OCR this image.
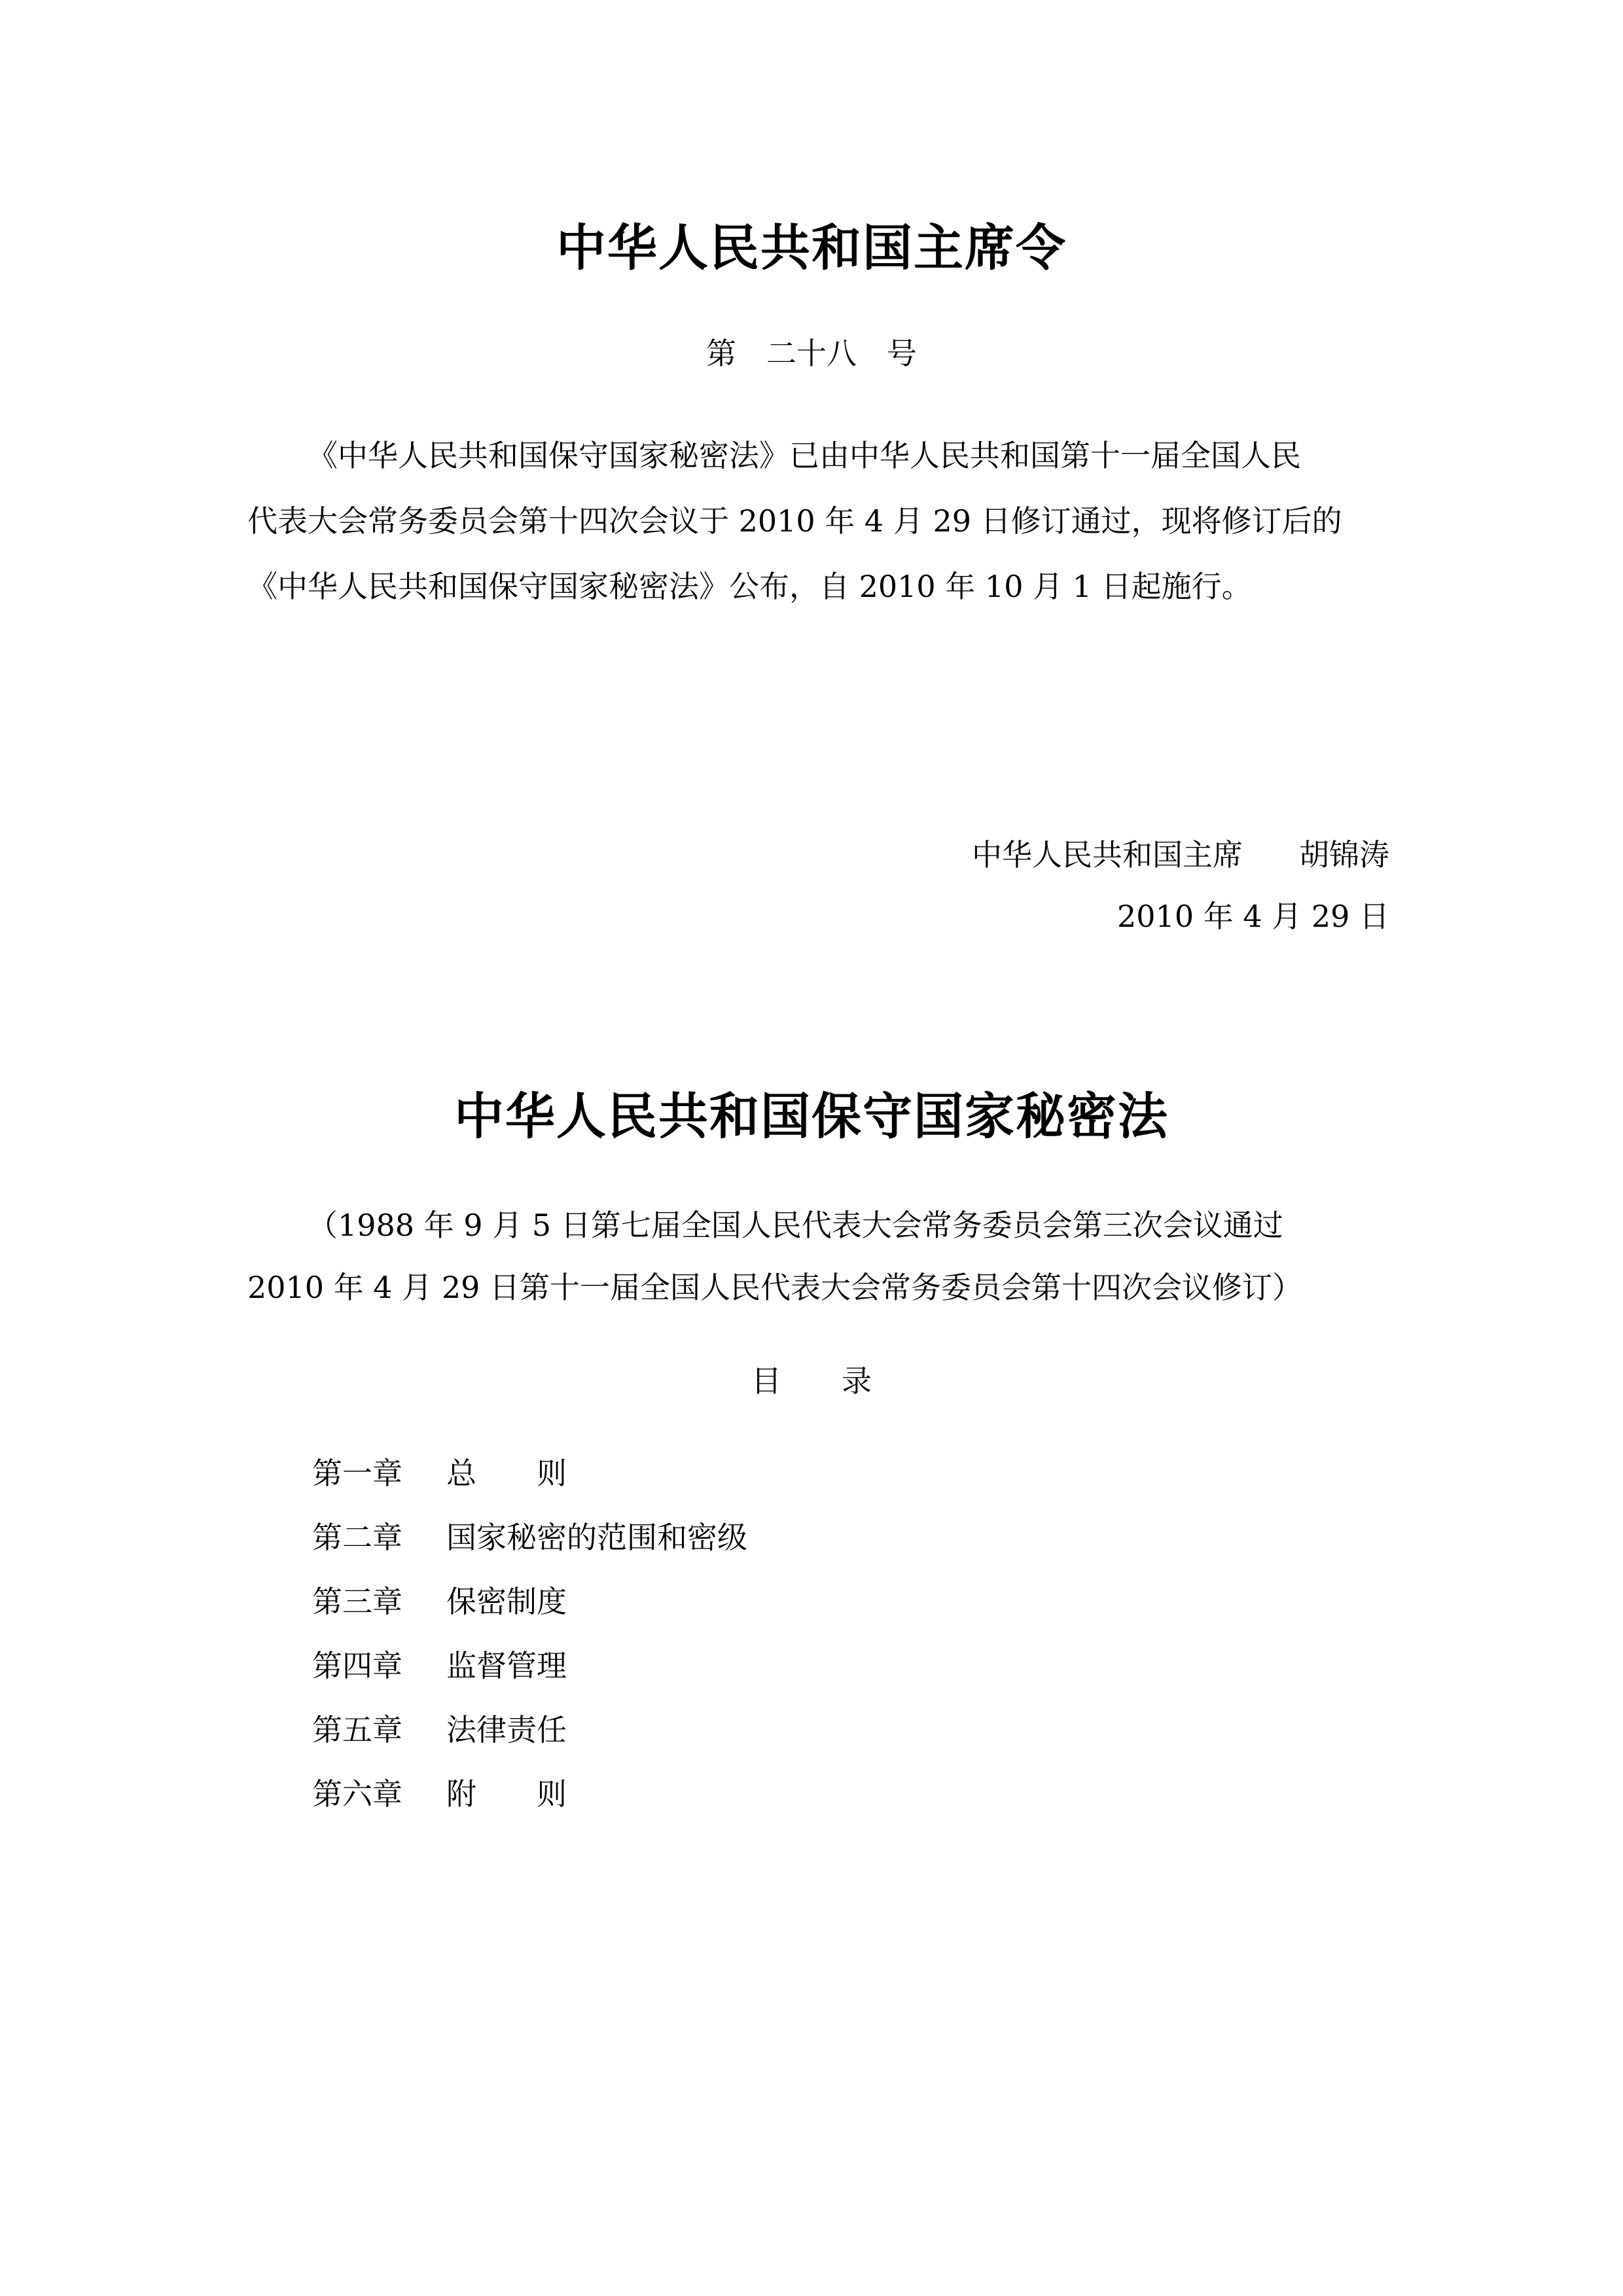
中华人民共和国主席令
第　二十八　号
《中华人民共和国保守国家秘密法》已由中华人民共和国第十一届全国人民
代表大会常务委员会第十四次会议于 2010 年 4 月 29 日修订通过，现将修订后的
《中华人民共和国保守国家秘密法》公布，自 2010 年 10 月 1 日起施行。
中华人民共和国主席 胡锦涛
2010 年 4 月 29 日
中华人民共和国保守国家秘密法
（1988 年 9 月 5 日第七届全国人民代表大会常务委员会第三次会议通过
2010 年 4 月 29 日第十一届全国人民代表大会常务委员会第十四次会议修订）
目　　录
第一章 总　　则
第二章 国家秘密的范围和密级
第三章 保密制度
第四章 监督管理
第五章 法律责任
第六章 附　　则
